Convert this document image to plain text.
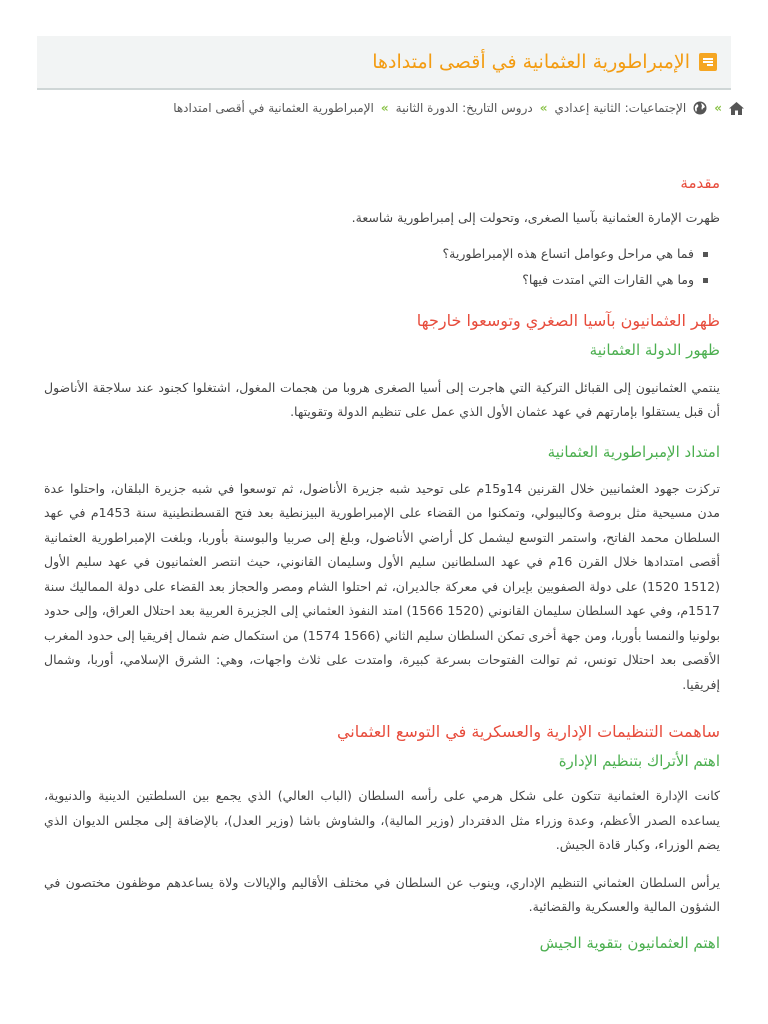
الإمبراطورية العثمانية في أقصى امتدادها
»
الإجتماعيات: الثانية إعدادي
»
دروس التاريخ: الدورة الثانية
»
الإمبراطورية العثمانية في أقصى امتدادها
مقدمة

ظهرت الإمارة العثمانية بآسيا الصغرى، وتحولت إلى إمبراطورية شاسعة.

فما هي مراحل وعوامل اتساع هذه الإمبراطورية؟
وما هي القارات التي امتدت فيها؟
ظهر العثمانيون بآسيا الصغري وتوسعوا خارجها
ظهور الدولة العثمانية

ينتمي العثمانيون إلى القبائل التركية التي هاجرت إلى أسيا الصغرى هروبا من هجمات المغول، اشتغلوا كجنود عند سلاجقة الأناضول أن قبل يستقلوا بإمارتهم في عهد عثمان الأول الذي عمل على تنظيم الدولة وتقويتها.

امتداد الإمبراطورية العثمانية

تركزت جهود العثمانيين خلال القرنين 14و15م على توحيد شبه جزيرة الأناضول، ثم توسعوا في شبه جزيرة البلقان، واحتلوا عدة مدن مسيحية مثل بروصة وكاليبولي، وتمكنوا من القضاء على الإمبراطورية البيزنطية بعد فتح القسطنطينية سنة 1453م في عهد السلطان محمد الفاتح، واستمر التوسع ليشمل كل أراضي الأناضول، وبلغ إلى صربيا والبوسنة بأوربا، وبلغت الإمبراطورية العثمانية أقصى امتدادها خلال القرن 16م في عهد السلطانين سليم الأول وسليمان القانوني، حيث انتصر العثمانيون في عهد سليم الأول (1512 1520) على دولة الصفويين بإيران في معركة جالديران، ثم احتلوا الشام ومصر والحجاز بعد القضاء على دولة المماليك سنة 1517م، وفي عهد السلطان سليمان القانوني (1520 1566) امتد النفوذ العثماني إلى الجزيرة العربية بعد احتلال العراق، وإلى حدود بولونيا والنمسا بأوربا، ومن جهة أخرى تمكن السلطان سليم الثاني (1566 1574) من استكمال ضم شمال إفريقيا إلى حدود المغرب الأقصى بعد احتلال تونس، ثم توالت الفتوحات بسرعة كبيرة، وامتدت على ثلاث واجهات، وهي: الشرق الإسلامي، أوربا، وشمال إفريقيا.

ساهمت التنظيمات الإدارية والعسكرية في التوسع العثماني
اهتم الأتراك بتنظيم الإدارة

كانت الإدارة العثمانية تتكون على شكل هرمي على رأسه السلطان (الباب العالي) الذي يجمع بين السلطتين الدينية والدنيوية، يساعده الصدر الأعظم، وعدة وزراء مثل الدفتردار (وزير المالية)، والشاوش باشا (وزير العدل)، بالإضافة إلى مجلس الديوان الذي يضم الوزراء، وكبار قادة الجيش.

يرأس السلطان العثماني التنظيم الإداري، وينوب عن السلطان في مختلف الأقاليم والإيالات ولاة يساعدهم موظفون مختصون في الشؤون المالية والعسكرية والقضائية.

اهتم العثمانيون بتقوية الجيش
